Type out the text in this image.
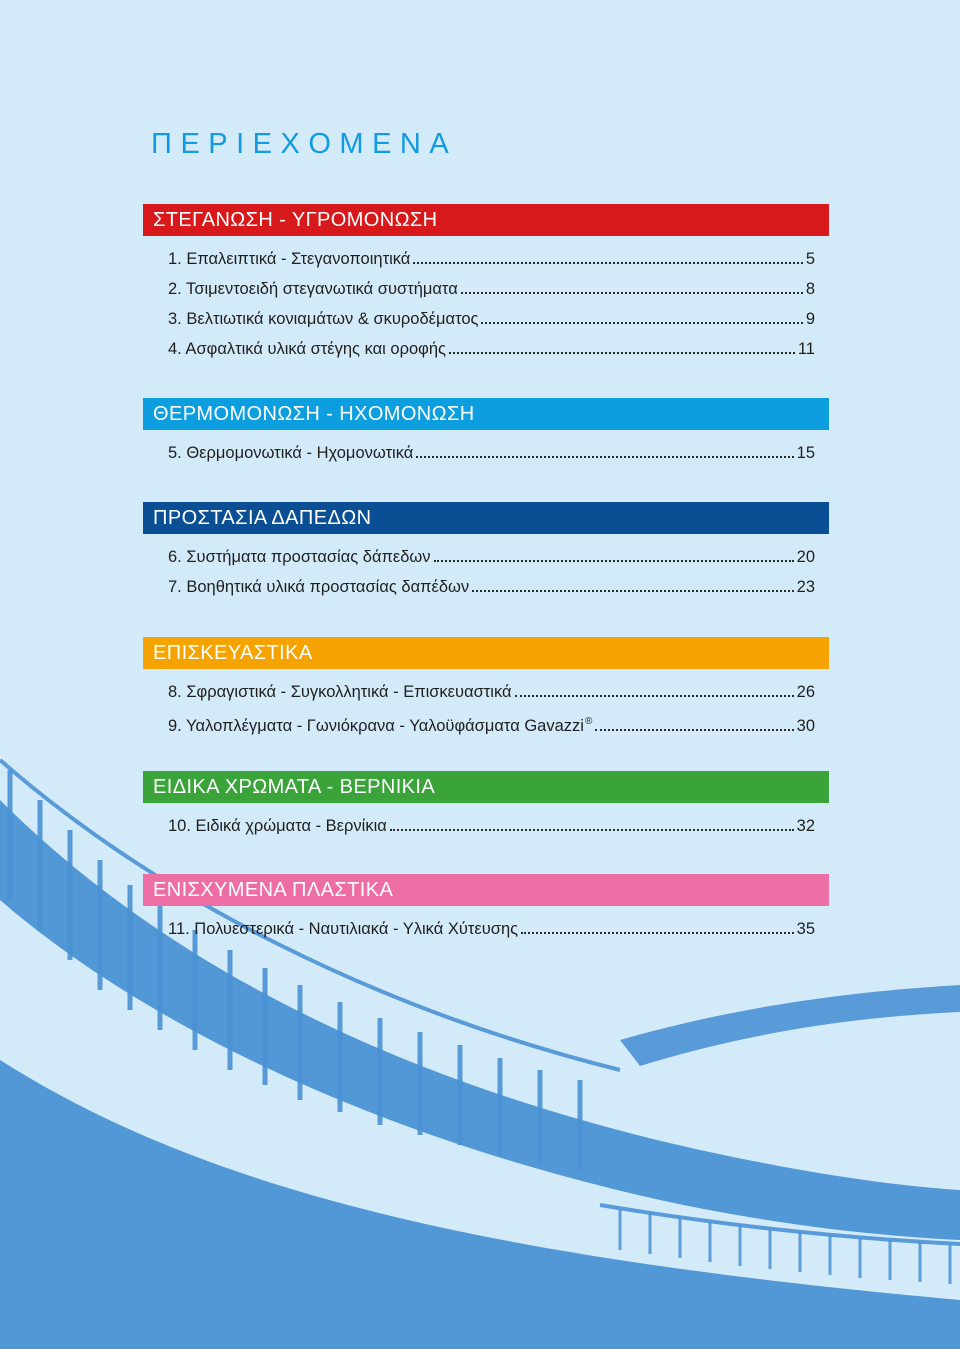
ΠΕΡΙΕΧΟΜΕΝΑ
ΣΤΕΓΑΝΩΣΗ - ΥΓΡΟΜΟΝΩΣΗ
1. Επαλειπτικά - Στεγανοποιητικά	5
2. Τσιμεντοειδή στεγανωτικά συστήματα	8
3. Βελτιωτικά κονιαμάτων & σκυροδέματος	9
4. Ασφαλτικά υλικά στέγης και οροφής	11
ΘΕΡΜΟΜΟΝΩΣΗ - ΗΧΟΜΟΝΩΣΗ
5. Θερμομονωτικά - Ηχομονωτικά	15
ΠΡΟΣΤΑΣΙΑ ΔΑΠΕΔΩΝ
6. Συστήματα προστασίας δάπεδων	20
7. Βοηθητικά υλικά προστασίας δαπέδων	23
ΕΠΙΣΚΕΥΑΣΤΙΚΑ
8. Σφραγιστικά - Συγκολλητικά - Επισκευαστικά	26
9. Υαλοπλέγματα - Γωνιόκρανα - Υαλοϋφάσματα Gavazzi®	30
ΕΙΔΙΚΑ ΧΡΩΜΑΤΑ - ΒΕΡΝΙΚΙΑ
10. Ειδικά χρώματα - Βερνίκια	32
ΕΝΙΣΧΥΜΕΝΑ ΠΛΑΣΤΙΚΑ
11. Πολυεστερικά - Ναυτιλιακά - Υλικά Χύτευσης	35
